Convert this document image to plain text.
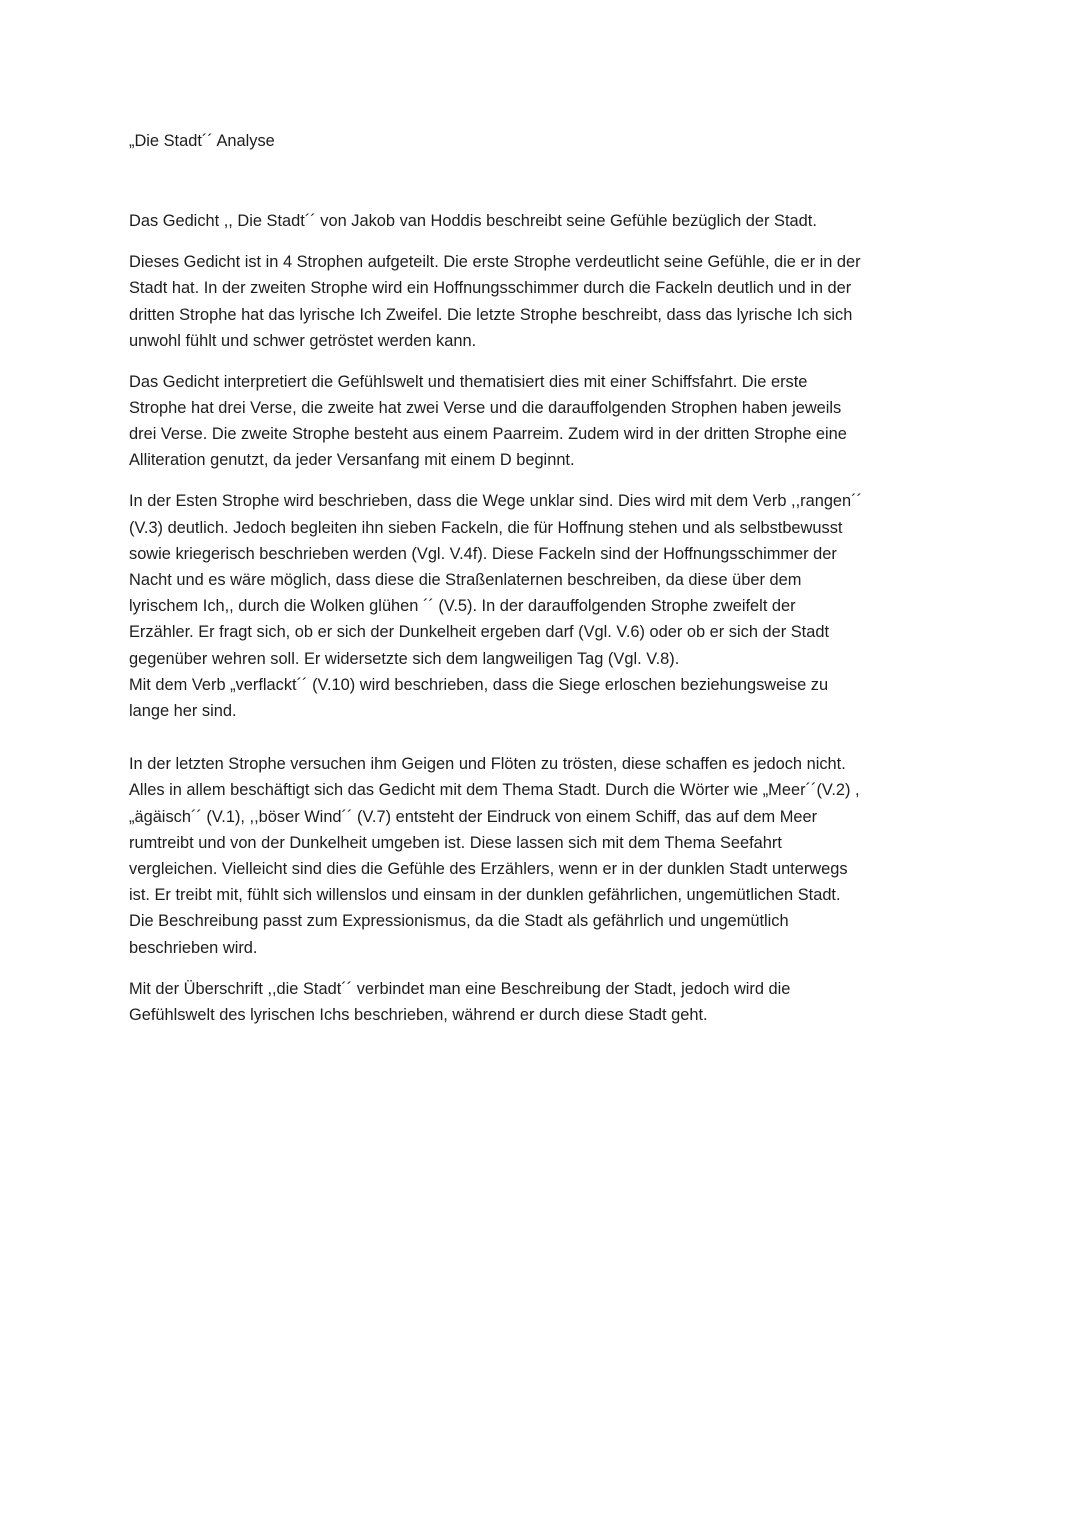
„Die Stadt´´ Analyse
Das Gedicht ,, Die Stadt´´ von Jakob van Hoddis beschreibt seine Gefühle bezüglich der Stadt.
Dieses Gedicht ist in 4 Strophen aufgeteilt. Die erste Strophe verdeutlicht seine Gefühle, die er in der
Stadt hat. In der zweiten Strophe wird ein Hoffnungsschimmer durch die Fackeln deutlich und in der
dritten Strophe hat das lyrische Ich Zweifel. Die letzte Strophe beschreibt, dass das lyrische Ich sich
unwohl fühlt und schwer getröstet werden kann.
Das Gedicht interpretiert die Gefühlswelt und thematisiert dies mit einer Schiffsfahrt. Die erste
Strophe hat drei Verse, die zweite hat zwei Verse und die darauffolgenden Strophen haben jeweils
drei Verse. Die zweite Strophe besteht aus einem Paarreim. Zudem wird in der dritten Strophe eine
Alliteration genutzt, da jeder Versanfang mit einem D beginnt.
In der Esten Strophe wird beschrieben, dass die Wege unklar sind. Dies wird mit dem Verb ,,rangen´´
(V.3) deutlich. Jedoch begleiten ihn sieben Fackeln, die für Hoffnung stehen und als selbstbewusst
sowie kriegerisch beschrieben werden (Vgl. V.4f). Diese Fackeln sind der Hoffnungsschimmer der
Nacht und es wäre möglich, dass diese die Straßenlaternen beschreiben, da diese über dem
lyrischem Ich,, durch die Wolken glühen ´´ (V.5). In der darauffolgenden Strophe zweifelt der
Erzähler. Er fragt sich, ob er sich der Dunkelheit ergeben darf (Vgl. V.6) oder ob er sich der Stadt
gegenüber wehren soll. Er widersetzte sich dem langweiligen Tag (Vgl. V.8).
Mit dem Verb „verflackt´´ (V.10) wird beschrieben, dass die Siege erloschen beziehungsweise zu
lange her sind.
In der letzten Strophe versuchen ihm Geigen und Flöten zu trösten, diese schaffen es jedoch nicht.
Alles in allem beschäftigt sich das Gedicht mit dem Thema Stadt. Durch die Wörter wie „Meer´´(V.2) ,
„ägäisch´´ (V.1), ,,böser Wind´´ (V.7) entsteht der Eindruck von einem Schiff, das auf dem Meer
rumtreibt und von der Dunkelheit umgeben ist. Diese lassen sich mit dem Thema Seefahrt
vergleichen. Vielleicht sind dies die Gefühle des Erzählers, wenn er in der dunklen Stadt unterwegs
ist. Er treibt mit, fühlt sich willenslos und einsam in der dunklen gefährlichen, ungemütlichen Stadt.
Die Beschreibung passt zum Expressionismus, da die Stadt als gefährlich und ungemütlich
beschrieben wird.
Mit der Überschrift ,,die Stadt´´ verbindet man eine Beschreibung der Stadt, jedoch wird die
Gefühlswelt des lyrischen Ichs beschrieben, während er durch diese Stadt geht.
